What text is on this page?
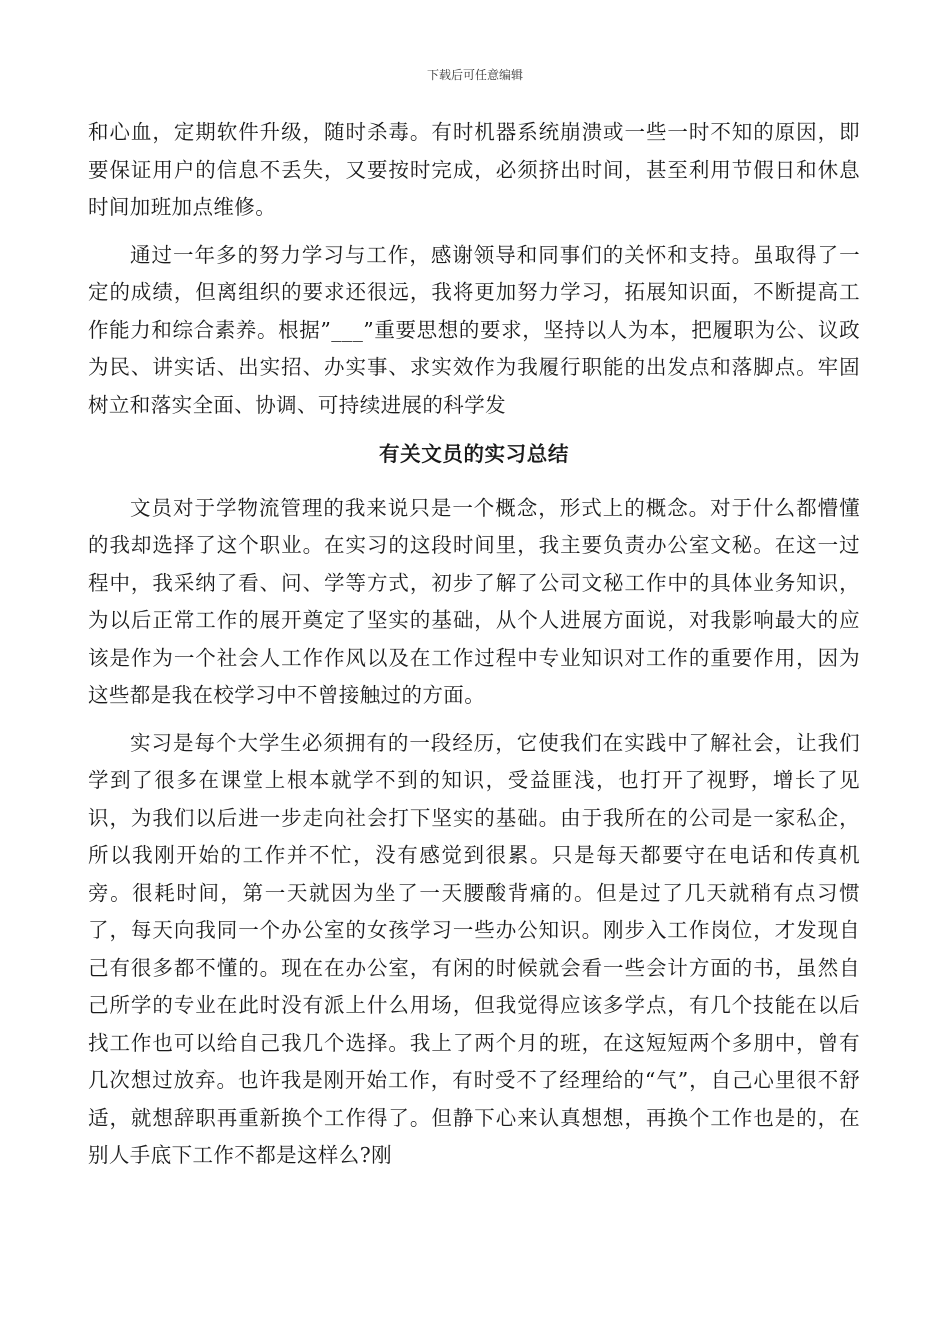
下载后可任意编辑

和心血，定期软件升级，随时杀毒。有时机器系统崩溃或一些一时不知的原因，即要保证用户的信息不丢失，又要按时完成，必须挤出时间，甚至利用节假日和休息时间加班加点维修。

通过一年多的努力学习与工作，感谢领导和同事们的关怀和支持。虽取得了一定的成绩，但离组织的要求还很远，我将更加努力学习，拓展知识面，不断提高工作能力和综合素养。根据”___”重要思想的要求，坚持以人为本，把履职为公、议政为民、讲实话、出实招、办实事、求实效作为我履行职能的出发点和落脚点。牢固树立和落实全面、协调、可持续进展的科学发

有关文员的实习总结

文员对于学物流管理的我来说只是一个概念，形式上的概念。对于什么都懵懂的我却选择了这个职业。在实习的这段时间里，我主要负责办公室文秘。在这一过程中，我采纳了看、问、学等方式，初步了解了公司文秘工作中的具体业务知识，为以后正常工作的展开奠定了坚实的基础，从个人进展方面说，对我影响最大的应该是作为一个社会人工作作风以及在工作过程中专业知识对工作的重要作用，因为这些都是我在校学习中不曾接触过的方面。

实习是每个大学生必须拥有的一段经历，它使我们在实践中了解社会，让我们学到了很多在课堂上根本就学不到的知识，受益匪浅，也打开了视野，增长了见识，为我们以后进一步走向社会打下坚实的基础。由于我所在的公司是一家私企，所以我刚开始的工作并不忙，没有感觉到很累。只是每天都要守在电话和传真机旁。很耗时间，第一天就因为坐了一天腰酸背痛的。但是过了几天就稍有点习惯了，每天向我同一个办公室的女孩学习一些办公知识。刚步入工作岗位，才发现自己有很多都不懂的。现在在办公室，有闲的时候就会看一些会计方面的书，虽然自己所学的专业在此时没有派上什么用场，但我觉得应该多学点，有几个技能在以后找工作也可以给自己我几个选择。我上了两个月的班，在这短短两个多朋中，曾有几次想过放弃。也许我是刚开始工作，有时受不了经理给的“气”，自己心里很不舒适，就想辞职再重新换个工作得了。但静下心来认真想想，再换个工作也是的，在别人手底下工作不都是这样么?刚
